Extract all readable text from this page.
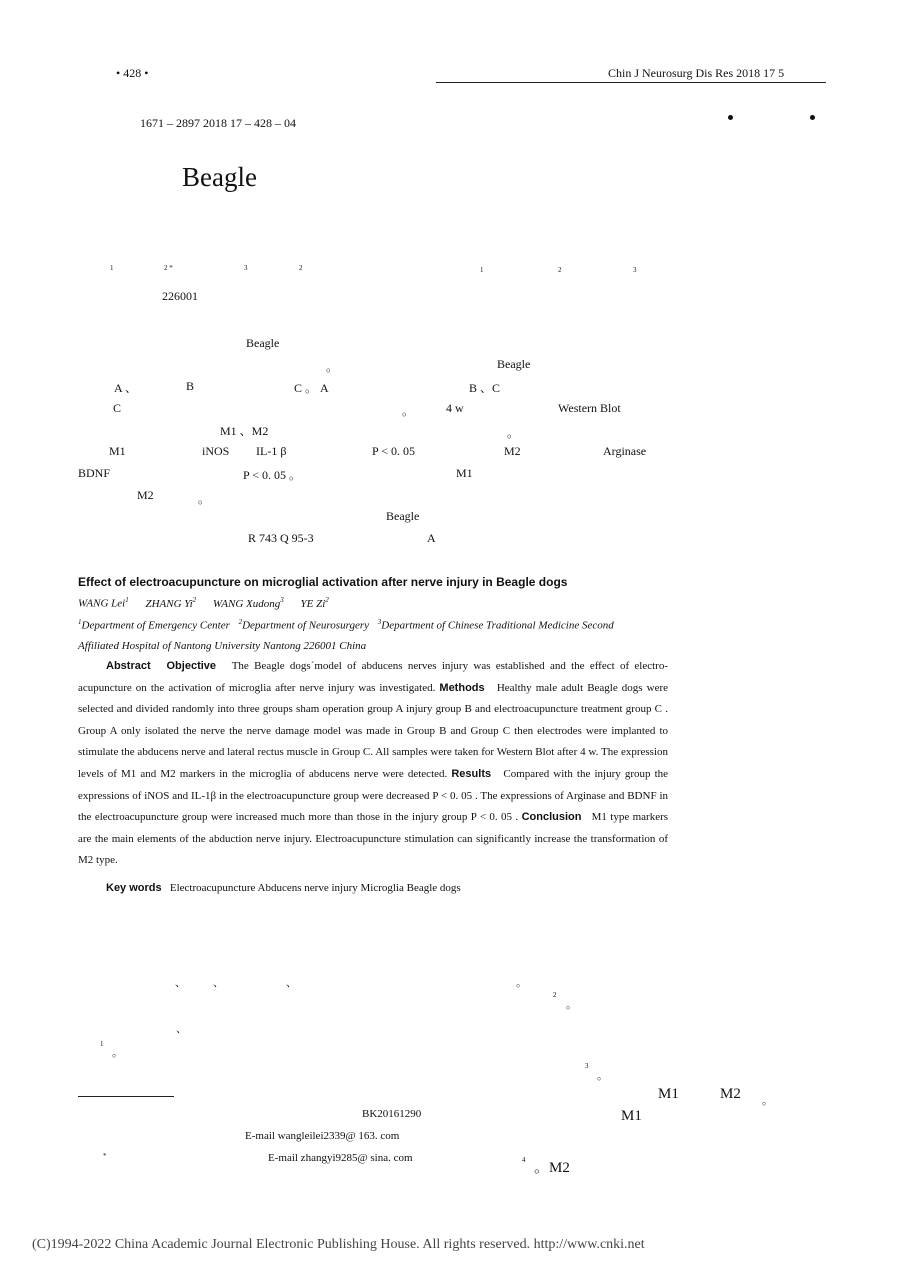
• 428 •	Chin J Neurosurg Dis Res 2018 17 5
1671 – 2897 2018 17 – 428 – 04
Beagle
1	2 *	3	2	1	2	3
226001
Beagle
。	Beagle
A 、	B	C 。 A	B 、C
C	。	4 w	Western Blot
M1 、M2	。
M1	iNOS IL-1 β	P < 0. 05	M2	Arginase
BDNF	P < 0. 05 。	M1
M2	。
Beagle
R 743 Q 95-3	A
Effect of electroacupuncture on microglial activation after nerve injury in Beagle dogs
WANG Lei$^1$ ZHANG Yi$^2$ WANG Xudong$^3$ YE Zi$^2$
$^1$Department of Emergency Center $^2$Department of Neurosurgery $^3$Department of Chinese Traditional Medicine Second
Affiliated Hospital of Nantong University Nantong 226001 China

Abstract Objective The Beagle dogs´model of abducens nerves injury was established and the effect of electro-acupuncture on the activation of microglia after nerve injury was investigated. Methods Healthy male adult Beagle dogs were selected and divided randomly into three groups sham operation group A injury group B and electroacupuncture treatment group C . Group A only isolated the nerve the nerve damage model was made in Group B and Group C then electrodes were implanted to stimulate the abducens nerve and lateral rectus muscle in Group C. All samples were taken for Western Blot after 4 w. The expression levels of M1 and M2 markers in the microglia of abducens nerve were detected. Results Compared with the injury group the expressions of iNOS and IL-1β in the electroacupuncture group were decreased P < 0. 05 . The expressions of Arginase and BDNF in the electroacupuncture group were increased much more than those in the injury group P < 0. 05 . Conclusion M1 type markers are the main elements of the abduction nerve injury. Electroacupuncture stimulation can significantly increase the transformation of M2 type.

Key words Electroacupuncture Abducens nerve injury Microglia Beagle dogs

、 、	、	。
2
。
、
1
。
3
。
M1	M2 。
M1
4 。M2
BK20161290
E-mail wangleilei2339@ 163. com
*	E-mail zhangyi9285@ sina. com
(C)1994-2022 China Academic Journal Electronic Publishing House. All rights reserved. http://www.cnki.net
